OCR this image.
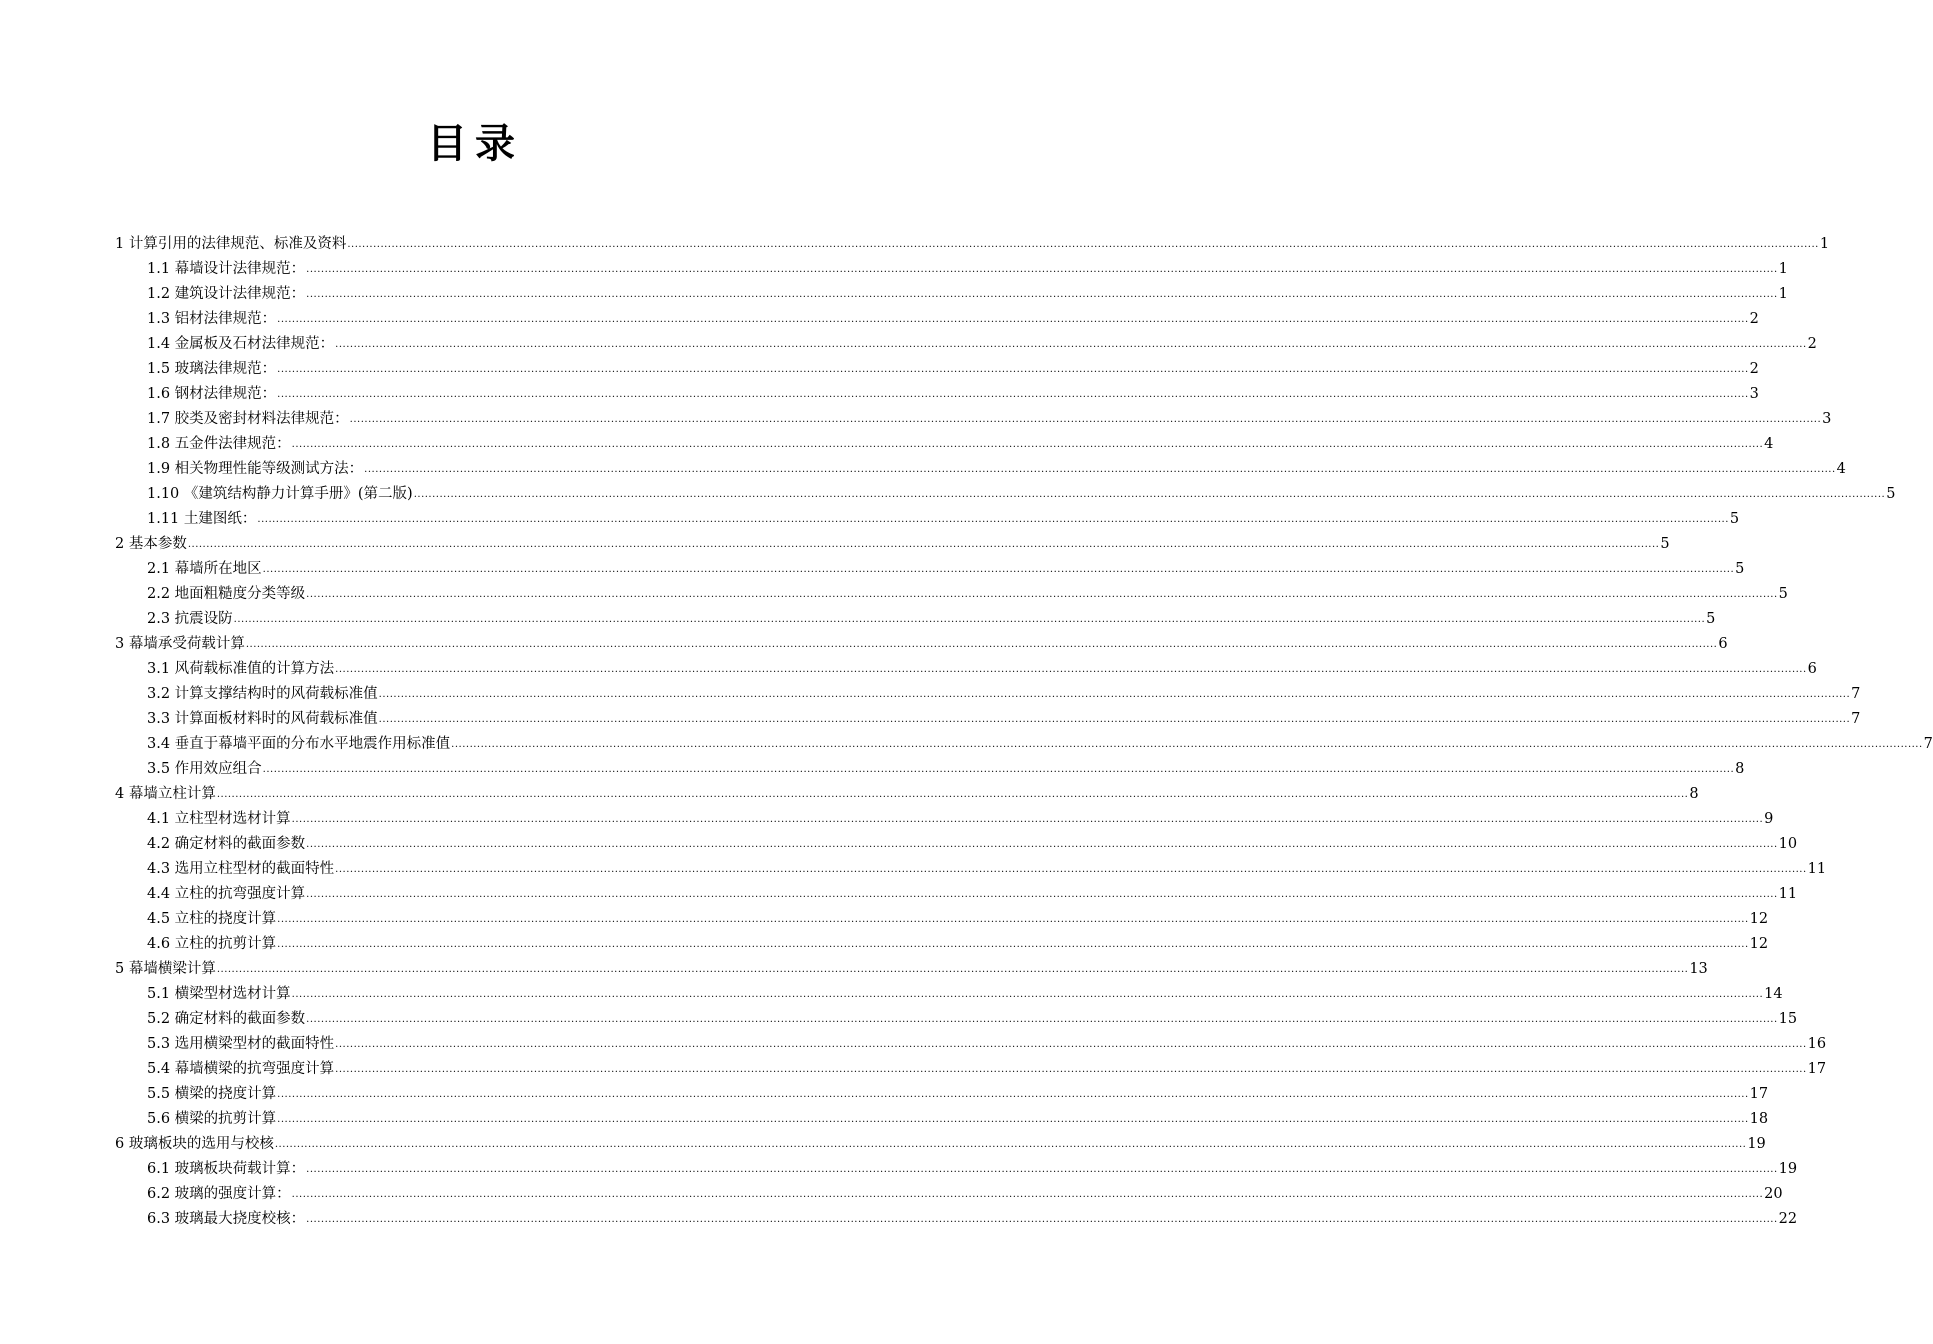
目录
1 计算引用的法律规范、标准及资料 ................................................................................................................................................................................................................................................................................................................................................................................................................ 1
1.1 幕墙设计法律规范： ................................................................................................................................................................................................................................................................................................................................................................................................................ 1
1.2 建筑设计法律规范： ................................................................................................................................................................................................................................................................................................................................................................................................................ 1
1.3 铝材法律规范： ................................................................................................................................................................................................................................................................................................................................................................................................................ 2
1.4 金属板及石材法律规范： ................................................................................................................................................................................................................................................................................................................................................................................................................ 2
1.5 玻璃法律规范： ................................................................................................................................................................................................................................................................................................................................................................................................................ 2
1.6 钢材法律规范： ................................................................................................................................................................................................................................................................................................................................................................................................................ 3
1.7 胶类及密封材料法律规范： ................................................................................................................................................................................................................................................................................................................................................................................................................ 3
1.8 五金件法律规范： ................................................................................................................................................................................................................................................................................................................................................................................................................ 4
1.9 相关物理性能等级测试方法： ................................................................................................................................................................................................................................................................................................................................................................................................................ 4
1.10 《建筑结构静力计算手册》(第二版) ................................................................................................................................................................................................................................................................................................................................................................................................................ 5
1.11 土建图纸： ................................................................................................................................................................................................................................................................................................................................................................................................................ 5
2 基本参数 ................................................................................................................................................................................................................................................................................................................................................................................................................ 5
2.1 幕墙所在地区 ................................................................................................................................................................................................................................................................................................................................................................................................................ 5
2.2 地面粗糙度分类等级 ................................................................................................................................................................................................................................................................................................................................................................................................................ 5
2.3 抗震设防 ................................................................................................................................................................................................................................................................................................................................................................................................................ 5
3 幕墙承受荷载计算 ................................................................................................................................................................................................................................................................................................................................................................................................................ 6
3.1 风荷载标准值的计算方法 ................................................................................................................................................................................................................................................................................................................................................................................................................ 6
3.2 计算支撑结构时的风荷载标准值 ................................................................................................................................................................................................................................................................................................................................................................................................................ 7
3.3 计算面板材料时的风荷载标准值 ................................................................................................................................................................................................................................................................................................................................................................................................................ 7
3.4 垂直于幕墙平面的分布水平地震作用标准值 ................................................................................................................................................................................................................................................................................................................................................................................................................ 7
3.5 作用效应组合 ................................................................................................................................................................................................................................................................................................................................................................................................................ 8
4 幕墙立柱计算 ................................................................................................................................................................................................................................................................................................................................................................................................................ 8
4.1 立柱型材选材计算 ................................................................................................................................................................................................................................................................................................................................................................................................................ 9
4.2 确定材料的截面参数 ................................................................................................................................................................................................................................................................................................................................................................................................................ 10
4.3 选用立柱型材的截面特性 ................................................................................................................................................................................................................................................................................................................................................................................................................ 11
4.4 立柱的抗弯强度计算 ................................................................................................................................................................................................................................................................................................................................................................................................................ 11
4.5 立柱的挠度计算 ................................................................................................................................................................................................................................................................................................................................................................................................................ 12
4.6 立柱的抗剪计算 ................................................................................................................................................................................................................................................................................................................................................................................................................ 12
5 幕墙横梁计算 ................................................................................................................................................................................................................................................................................................................................................................................................................ 13
5.1 横梁型材选材计算 ................................................................................................................................................................................................................................................................................................................................................................................................................ 14
5.2 确定材料的截面参数 ................................................................................................................................................................................................................................................................................................................................................................................................................ 15
5.3 选用横梁型材的截面特性 ................................................................................................................................................................................................................................................................................................................................................................................................................ 16
5.4 幕墙横梁的抗弯强度计算 ................................................................................................................................................................................................................................................................................................................................................................................................................ 17
5.5 横梁的挠度计算 ................................................................................................................................................................................................................................................................................................................................................................................................................ 17
5.6 横梁的抗剪计算 ................................................................................................................................................................................................................................................................................................................................................................................................................ 18
6 玻璃板块的选用与校核 ................................................................................................................................................................................................................................................................................................................................................................................................................ 19
6.1 玻璃板块荷载计算： ................................................................................................................................................................................................................................................................................................................................................................................................................ 19
6.2 玻璃的强度计算： ................................................................................................................................................................................................................................................................................................................................................................................................................ 20
6.3 玻璃最大挠度校核： ................................................................................................................................................................................................................................................................................................................................................................................................................ 22
